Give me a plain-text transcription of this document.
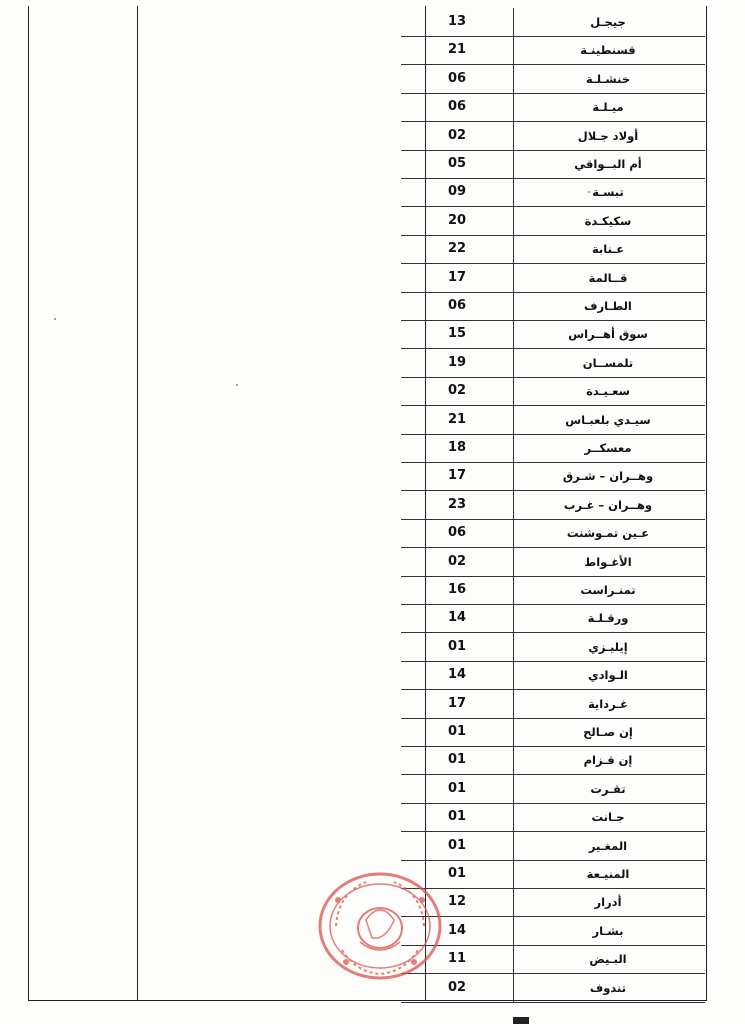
13	جيجـل
21	قسنطينـة
06	خنشـلـة
06	ميـلـة
02	أولاد جـلال
05	أم البــواقي
09	تبسـة
20	سكيكـدة
22	عـنابة
17	قــالمة
06	الطـارف
15	سوق أهــراس
19	تلمســان
02	سعـيـدة
21	سيـدي بلعبـاس
18	معسكــر
17	وهــران – شـرق
23	وهــران – غـرب
06	عـين تمـوشنت
02	الأغـواط
16	تمنـراست
14	ورقـلـة
01	إيليـزي
14	الـوادي
17	غـرداية
01	إن صـالح
01	إن قـزام
01	تقـرت
01	جـانت
01	المغـير
01	المنيـعة
12	أدرار
14	بشـار
11	البـيض
02	تندوف
